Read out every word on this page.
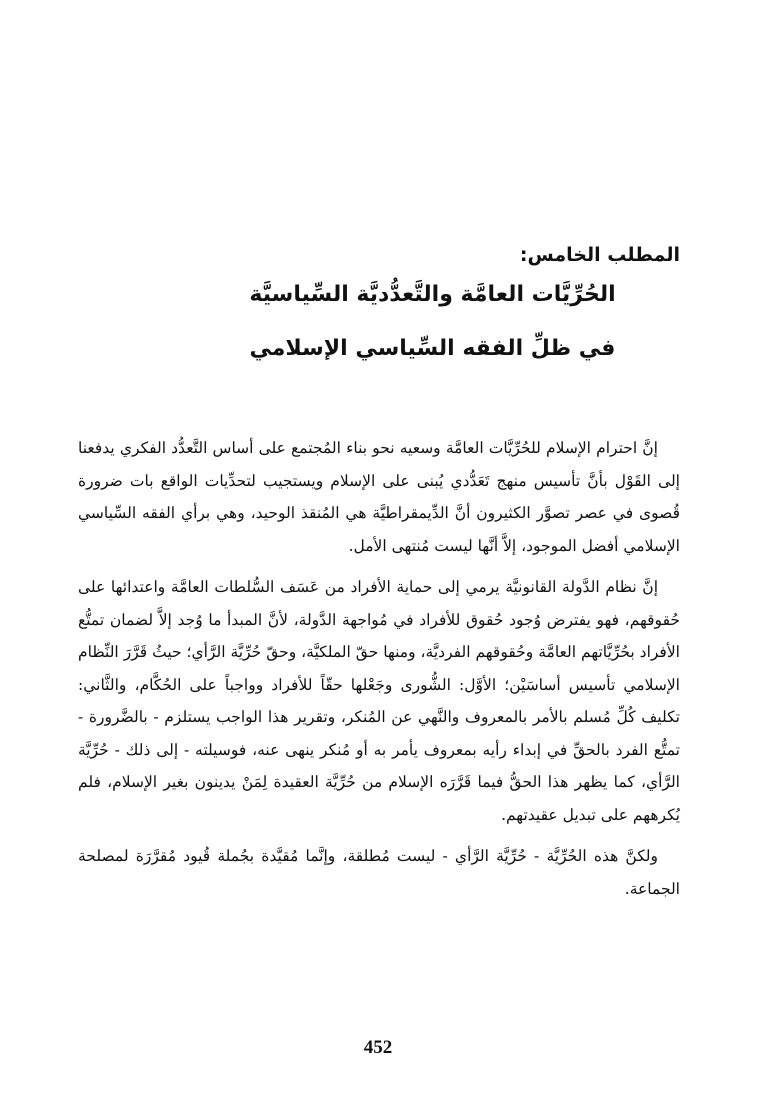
المطلب الخامس:
الحُرِّيَّات العامَّة والتَّعدُّديَّة السِّياسيَّة
في ظلِّ الفقه السِّياسي الإسلامي

إنَّ احترام الإسلام للحُرِّيَّات العامَّة وسعيه نحو بناء المُجتمع على أساس التَّعدُّد الفكري يدفعنا إلى القَوْل بأنَّ تأسيس منهج تَعَدُّدي يُبنى على الإسلام ويستجيب لتحدِّيات الواقع بات ضرورة قُصوى في عصر تصوَّر الكثيرون أنَّ الدِّيمقراطيَّة هي المُنقذ الوحيد، وهي برأي الفقه السِّياسي الإسلامي أفضل الموجود، إلاَّ أنَّها ليست مُنتهى الأمل.

إنَّ نظام الدَّولة القانونيَّة يرمي إلى حماية الأفراد من عَسَف السُّلطات العامَّة واعتدائها على حُقوقهم، فهو يفترض وُجود حُقوق للأفراد في مُواجهة الدَّولة، لأنَّ المبدأ ما وُجد إلاَّ لضمان تمتُّع الأفراد بحُرِّيَّاتهم العامَّة وحُقوقهم الفرديَّة، ومنها حقّ الملكيَّة، وحقّ حُرِّيَّة الرَّأي؛ حيثُ قَرَّرَ النِّظام الإسلامي تأسيس أساسَيْن؛ الأوَّل: الشُّورى وجَعْلها حقّاً للأفراد وواجباً على الحُكَّام، والثَّاني: تكليف كُلِّ مُسلم بالأمر بالمعروف والنَّهي عن المُنكر، وتقرير هذا الواجب يستلزم - بالضَّرورة - تمتُّع الفرد بالحقِّ في إبداء رأيه بمعروف يأمر به أو مُنكر ينهى عنه، فوسيلته - إلى ذلك - حُرِّيَّة الرَّأي، كما يظهر هذا الحقُّ فيما قَرَّرَه الإسلام من حُرِّيَّة العقيدة لِمَنْ يدينون بغير الإسلام، فلم يُكرههم على تبديل عقيدتهم.

ولكنَّ هذه الحُرِّيَّة - حُرِّيَّة الرَّأي - ليست مُطلقة، وإنَّما مُقيَّدة بجُملة قُيود مُقرَّرَة لمصلحة الجماعة.

452
